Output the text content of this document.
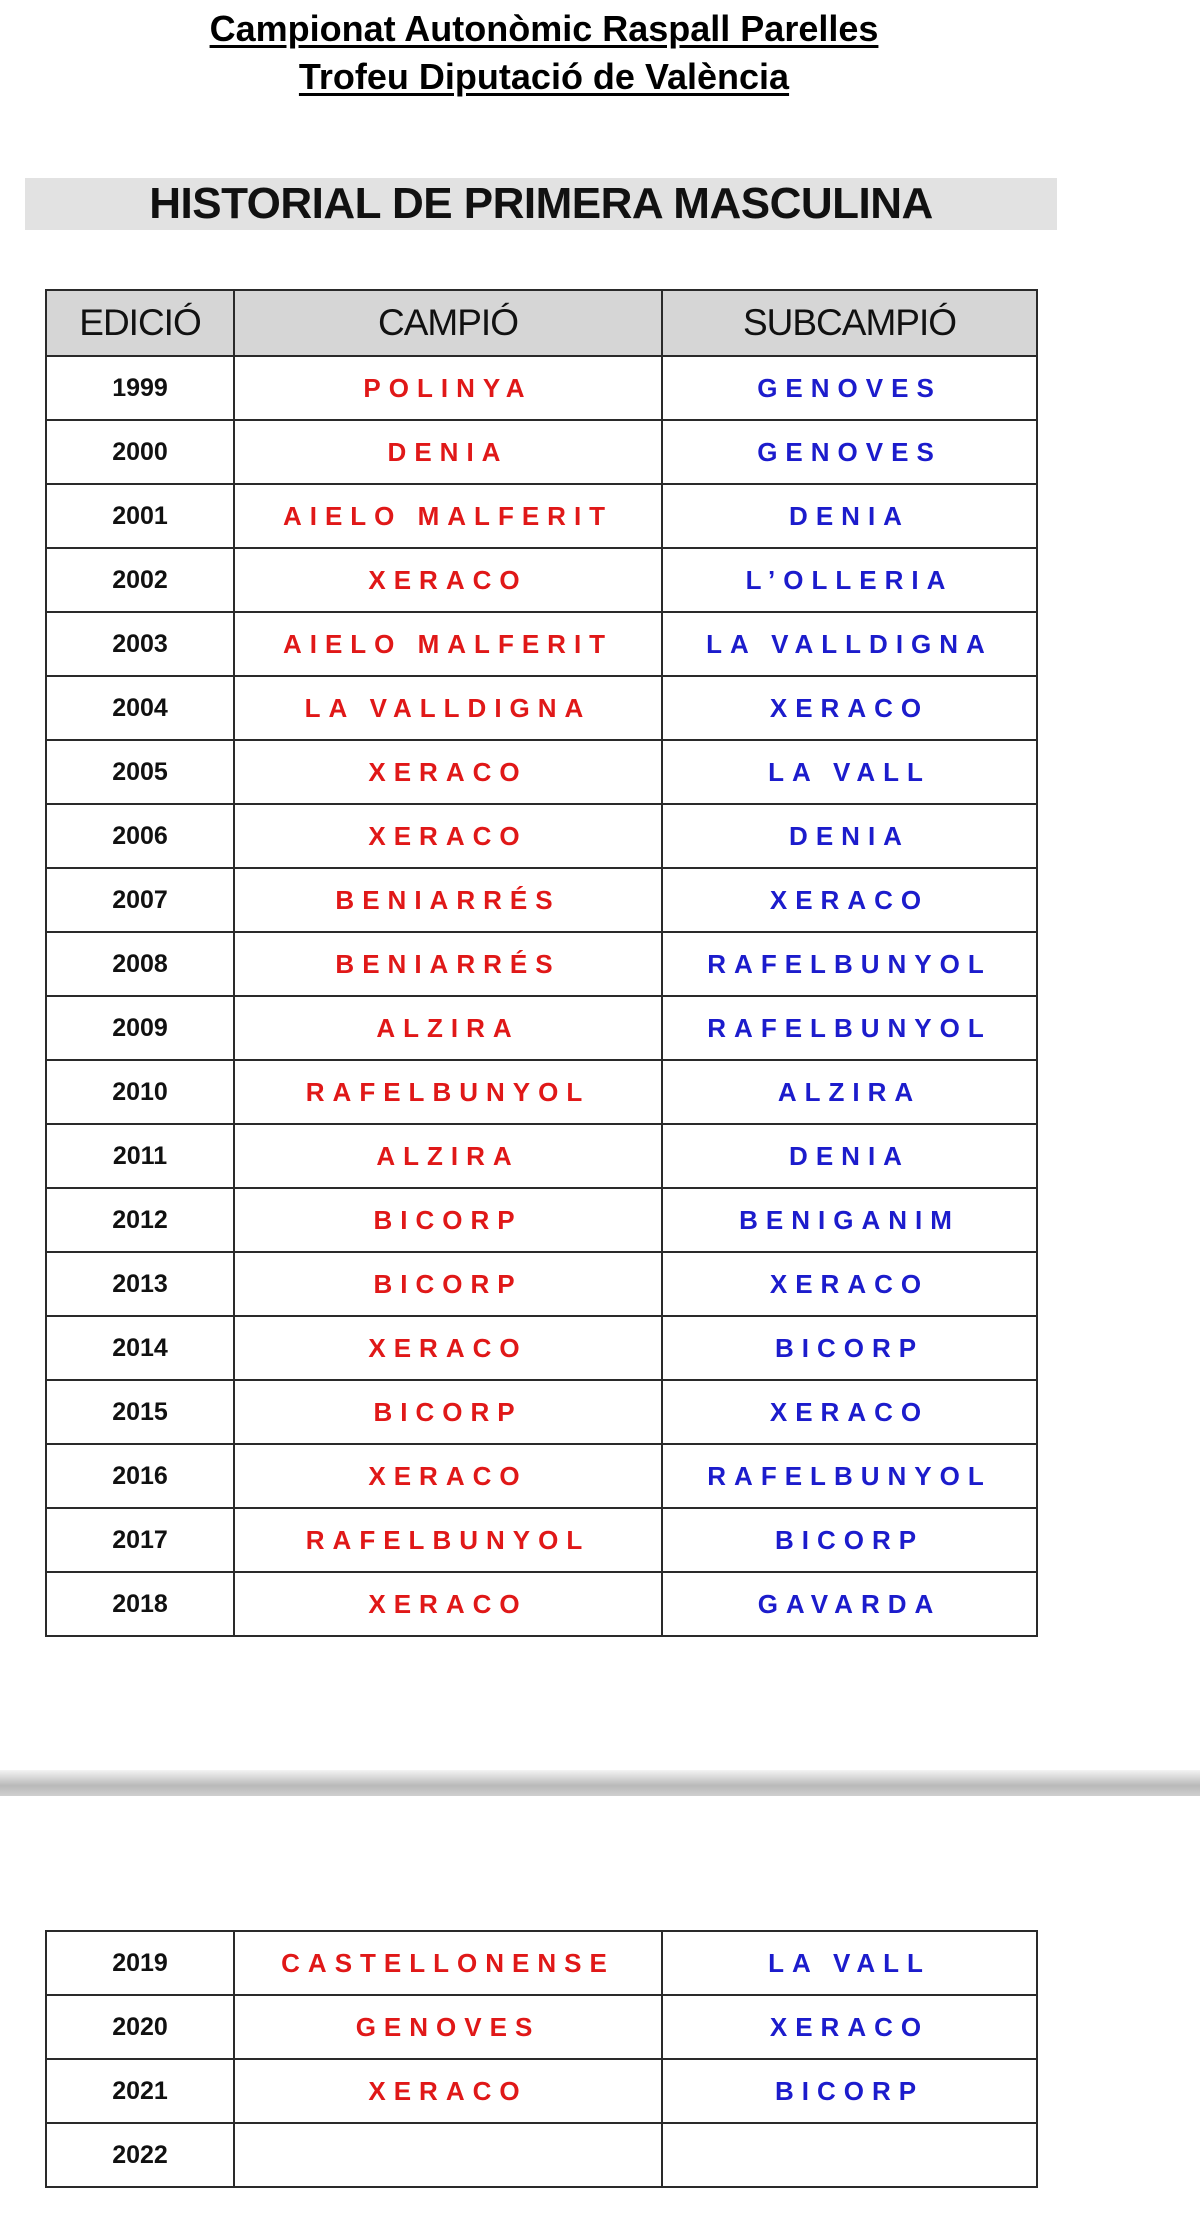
Campionat Autonòmic Raspall Parelles
Trofeu Diputació de València
HISTORIAL DE PRIMERA MASCULINA
EDICIÓ	CAMPIÓ	SUBCAMPIÓ
1999	POLINYA	GENOVES
2000	DENIA	GENOVES
2001	AIELO MALFERIT	DENIA
2002	XERACO	L’OLLERIA
2003	AIELO MALFERIT	LA VALLDIGNA
2004	LA VALLDIGNA	XERACO
2005	XERACO	LA VALL
2006	XERACO	DENIA
2007	BENIARRÉS	XERACO
2008	BENIARRÉS	RAFELBUNYOL
2009	ALZIRA	RAFELBUNYOL
2010	RAFELBUNYOL	ALZIRA
2011	ALZIRA	DENIA
2012	BICORP	BENIGANIM
2013	BICORP	XERACO
2014	XERACO	BICORP
2015	BICORP	XERACO
2016	XERACO	RAFELBUNYOL
2017	RAFELBUNYOL	BICORP
2018	XERACO	GAVARDA
2019	CASTELLONENSE	LA VALL
2020	GENOVES	XERACO
2021	XERACO	BICORP
2022		
